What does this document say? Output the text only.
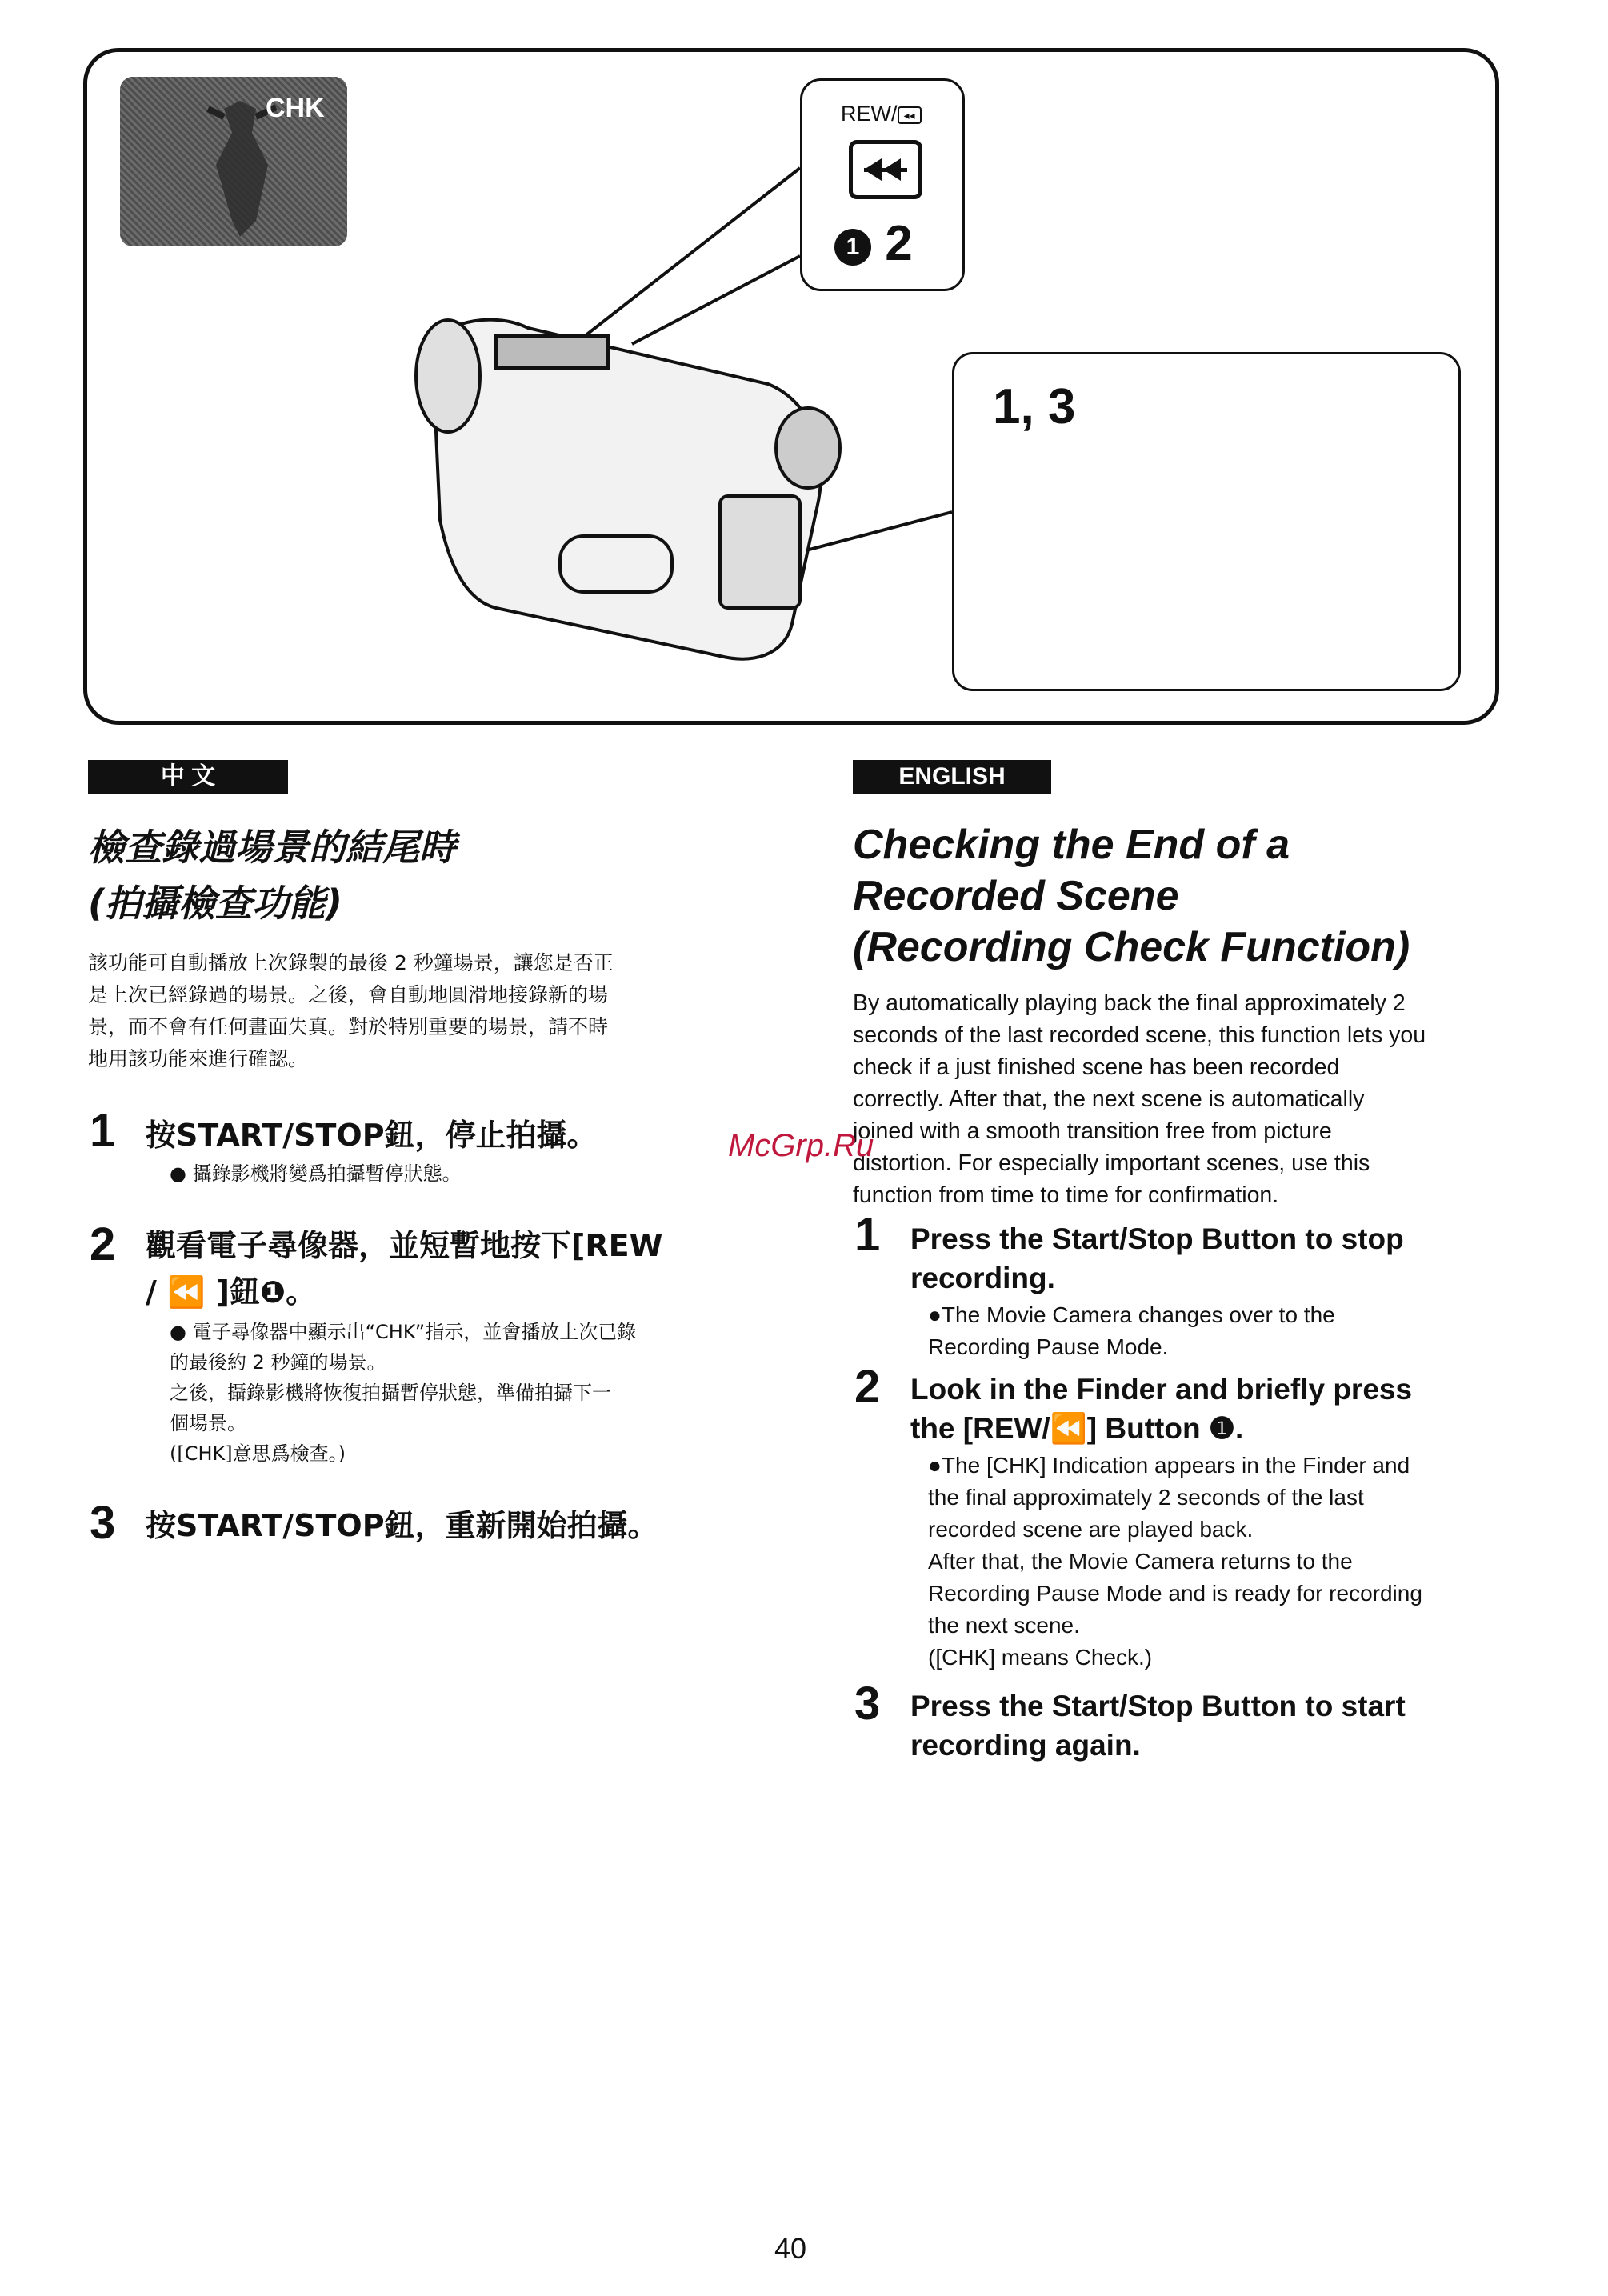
CHK	REW/ ◂◂
1 2
1, 3
中 文
檢查錄過場景的結尾時
(拍攝檢查功能)
該功能可自動播放上次錄製的最後 2 秒鐘場景，讓您是否正
是上次已經錄過的場景。之後，會自動地圓滑地接錄新的場
景，而不會有任何畫面失真。對於特別重要的場景，請不時
地用該功能來進行確認。
1 按START/STOP鈕，停止拍攝。
● 攝錄影機將變爲拍攝暫停狀態。
2 觀看電子尋像器，並短暫地按下[REW
/ ⏪ ]鈕❶。
● 電子尋像器中顯示出“CHK”指示，並會播放上次已錄
的最後約 2 秒鐘的場景。
之後，攝錄影機將恢復拍攝暫停狀態，準備拍攝下一
個場景。
([CHK]意思爲檢查。)
3 按START/STOP鈕，重新開始拍攝。
ENGLISH
Checking the End of a
Recorded Scene
(Recording Check Function)
By automatically playing back the final approximately 2
seconds of the last recorded scene, this function lets you
check if a just finished scene has been recorded
correctly. After that, the next scene is automatically
joined with a smooth transition free from picture
distortion. For especially important scenes, use this
function from time to time for confirmation.
1 Press the Start/Stop Button to stop
recording.
●The Movie Camera changes over to the
Recording Pause Mode.
2 Look in the Finder and briefly press
the [REW/⏪] Button ❶.
●The [CHK] Indication appears in the Finder and
the final approximately 2 seconds of the last
recorded scene are played back.
After that, the Movie Camera returns to the
Recording Pause Mode and is ready for recording
the next scene.
([CHK] means Check.)
3 Press the Start/Stop Button to start
recording again.
McGrp.Ru
40
